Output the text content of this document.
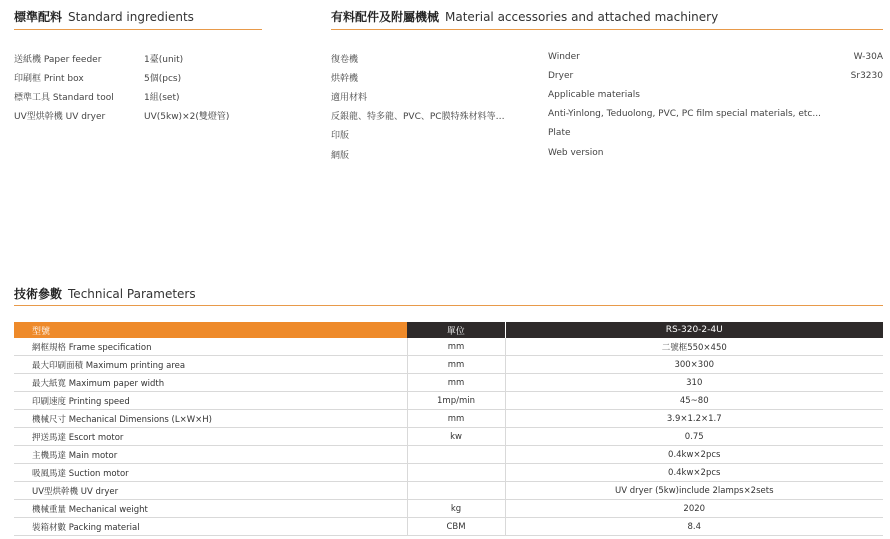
標準配料 Standard ingredients
送紙機 Paper feeder	1臺(unit)
印刷框 Print box	5個(pcs)
標準工具 Standard tool	1組(set)
UV型烘幹機 UV dryer	UV(5kw)×2(雙燈管)
有料配件及附屬機械 Material accessories and attached machinery
復卷機	Winder	W-30A
烘幹機	Dryer	Sr3230
適用材料	Applicable materials
反銀龍、特多龍、PVC、PC膜特殊材料等…	Anti-Yinlong, Teduolong, PVC, PC film special materials, etc...
印版	Plate
網版	Web version
技術參數 Technical Parameters
型號	單位	RS-320-2-4U
網框規格 Frame specification	mm	二號框550×450
最大印刷面積 Maximum printing area	mm	300×300
最大紙寬 Maximum paper width	mm	310
印刷速度 Printing speed	1mp/min	45~80
機械尺寸 Mechanical Dimensions (L×W×H)	mm	3.9×1.2×1.7
押送馬達 Escort motor	kw	0.75
主機馬達 Main motor		0.4kw×2pcs
吸風馬達 Suction motor		0.4kw×2pcs
UV型烘幹機 UV dryer		UV dryer (5kw)include 2lamps×2sets
機械重量 Mechanical weight	kg	2020
裝箱材數 Packing material	CBM	8.4
